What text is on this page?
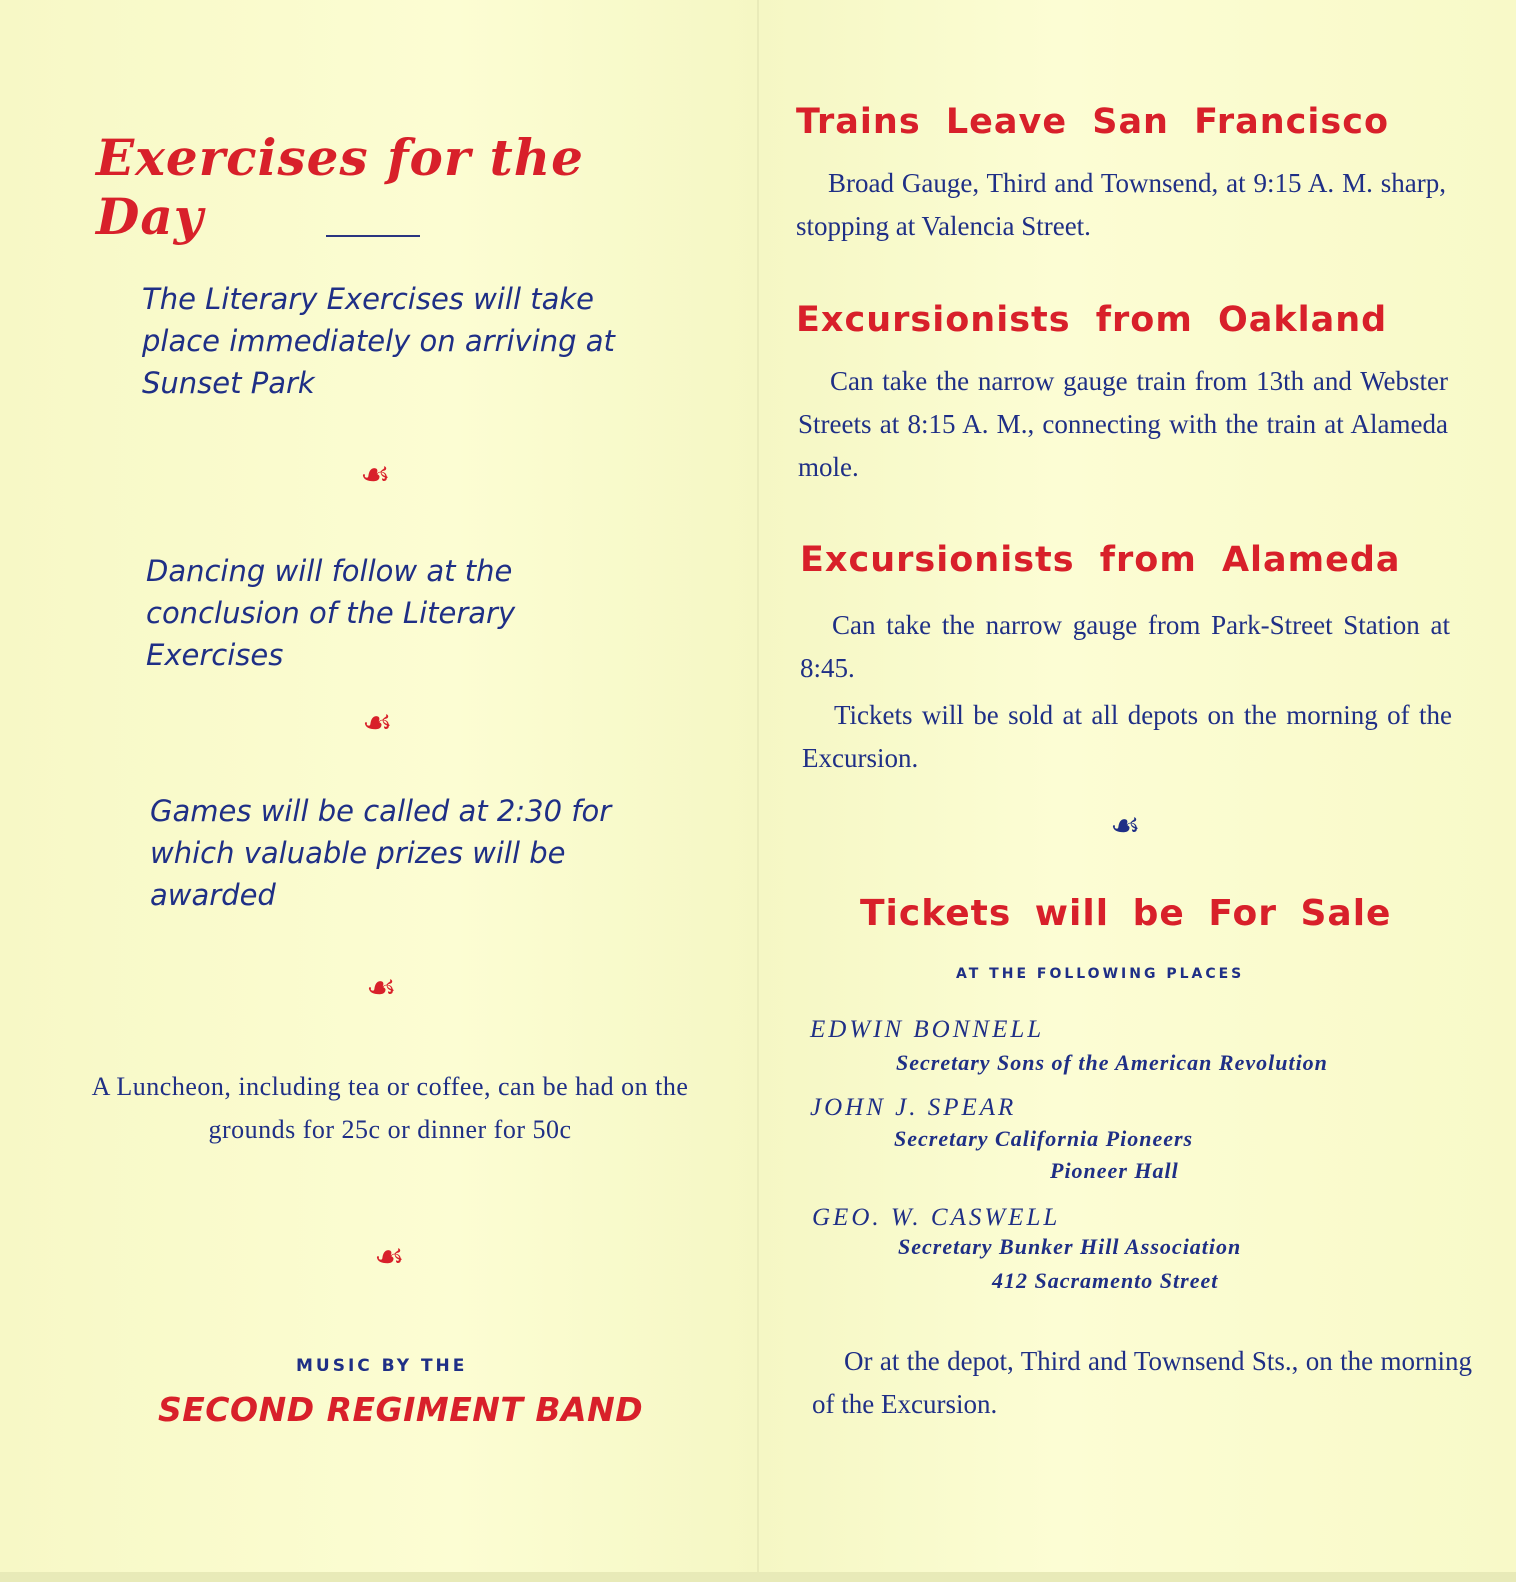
Exercises for the Day
The Literary Exercises will take place immediately on arriving at Sunset Park
☙
Dancing will follow at the conclusion of the Literary Exercises
☙
Games will be called at 2:30 for which valuable prizes will be awarded
☙
A Luncheon, including tea or coffee, can be had on the grounds for 25c or dinner for 50c
☙
MUSIC BY THE
SECOND REGIMENT BAND
Trains Leave San Francisco
Broad Gauge, Third and Townsend, at 9:15 A. M. sharp, stopping at Valencia Street.
Excursionists from Oakland
Can take the narrow gauge train from 13th and Webster Streets at 8:15 A. M., connecting with the train at Alameda mole.
Excursionists from Alameda
Can take the narrow gauge from Park-Street Station at 8:45.
Tickets will be sold at all depots on the morning of the Excursion.
☙
Tickets will be For Sale
AT THE FOLLOWING PLACES
EDWIN BONNELL
Secretary Sons of the American Revolution
JOHN J. SPEAR
Secretary California Pioneers
Pioneer Hall
GEO. W. CASWELL
Secretary Bunker Hill Association
412 Sacramento Street
Or at the depot, Third and Townsend Sts., on the morning of the Excursion.
